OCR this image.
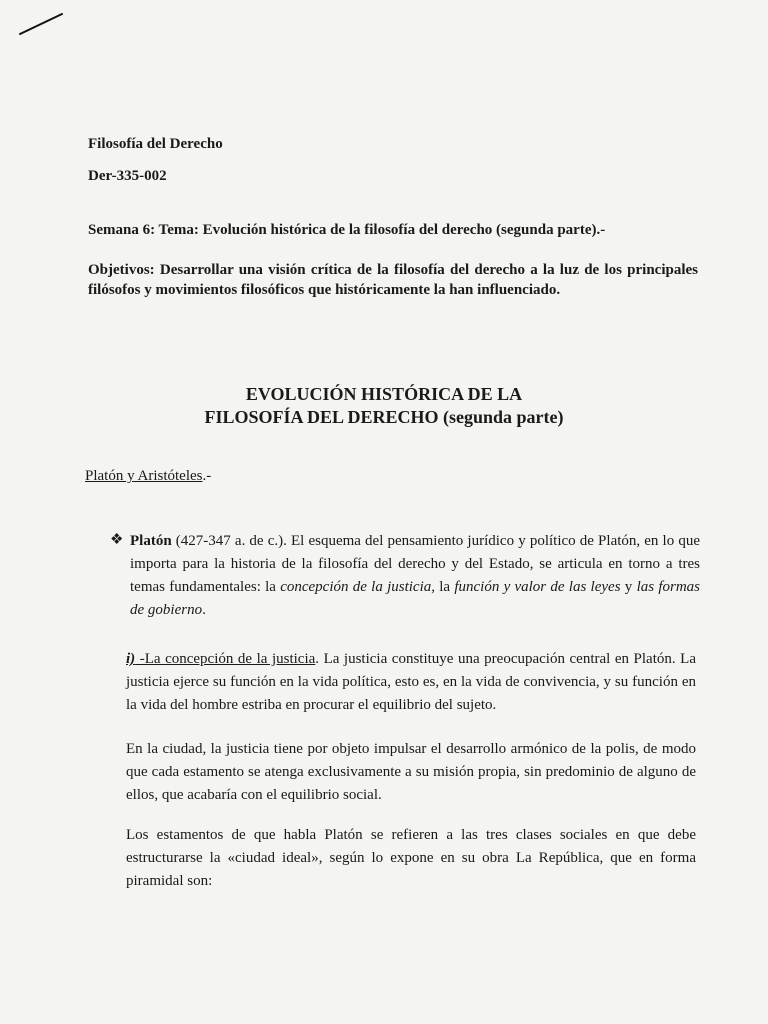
Filosofía del Derecho
Der-335-002
Semana 6: Tema: Evolución histórica de la filosofía del derecho (segunda parte).-
Objetivos: Desarrollar una visión crítica de la filosofía del derecho a la luz de los principales filósofos y movimientos filosóficos que históricamente la han influenciado.
EVOLUCIÓN HISTÓRICA DE LA
FILOSOFÍA DEL DERECHO (segunda parte)
Platón y Aristóteles.-
❖ Platón (427-347 a. de c.). El esquema del pensamiento jurídico y político de Platón, en lo que importa para la historia de la filosofía del derecho y del Estado, se articula en torno a tres temas fundamentales: la concepción de la justicia, la función y valor de las leyes y las formas de gobierno.
i) -La concepción de la justicia. La justicia constituye una preocupación central en Platón. La justicia ejerce su función en la vida política, esto es, en la vida de convivencia, y su función en la vida del hombre estriba en procurar el equilibrio del sujeto.
En la ciudad, la justicia tiene por objeto impulsar el desarrollo armónico de la polis, de modo que cada estamento se atenga exclusivamente a su misión propia, sin predominio de alguno de ellos, que acabaría con el equilibrio social.
Los estamentos de que habla Platón se refieren a las tres clases sociales en que debe estructurarse la «ciudad ideal», según lo expone en su obra La República, que en forma piramidal son:
